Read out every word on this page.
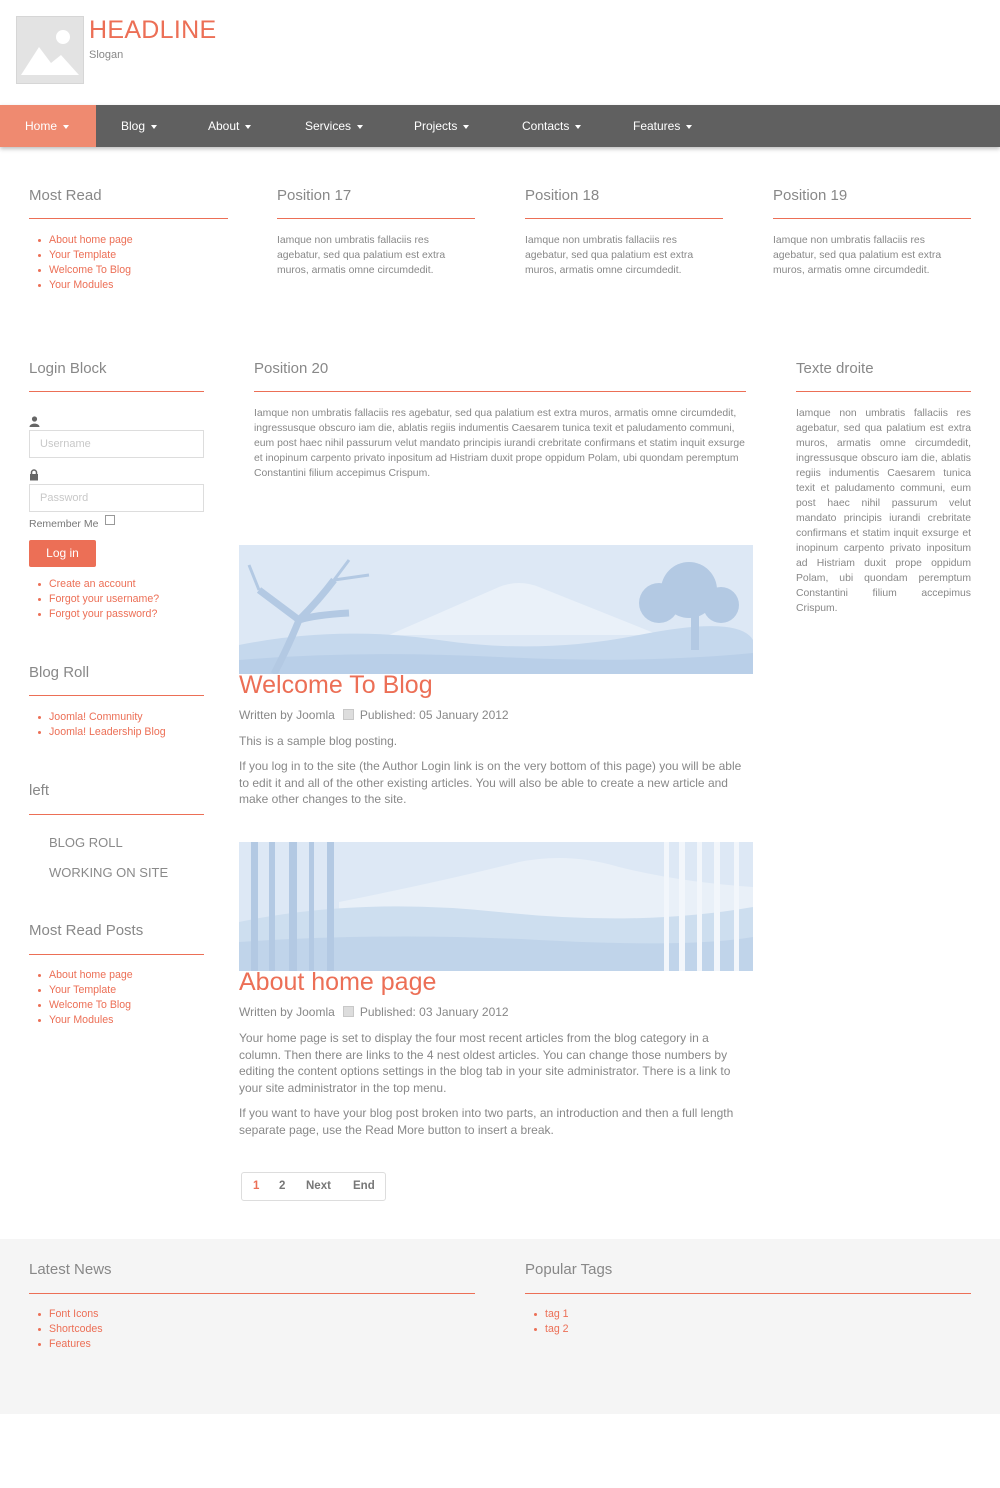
HEADLINE
Slogan
Home	Blog	About	Services	Projects	Contacts	Features
Most Read
About home page
Your Template
Welcome To Blog
Your Modules
Position 17
Iamque non umbratis fallaciis res agebatur, sed qua palatium est extra muros, armatis omne circumdedit.
Position 18
Iamque non umbratis fallaciis res agebatur, sed qua palatium est extra muros, armatis omne circumdedit.
Position 19
Iamque non umbratis fallaciis res agebatur, sed qua palatium est extra muros, armatis omne circumdedit.
Login Block
Username
Remember Me
Log in
Create an account
Forgot your username?
Forgot your password?
Blog Roll
Joomla! Community
Joomla! Leadership Blog
left
BLOG ROLL
WORKING ON SITE
Most Read Posts
About home page
Your Template
Welcome To Blog
Your Modules
Position 20
Iamque non umbratis fallaciis res agebatur, sed qua palatium est extra muros, armatis omne circumdedit, ingressusque obscuro iam die, ablatis regiis indumentis Caesarem tunica texit et paludamento communi, eum post haec nihil passurum velut mandato principis iurandi crebritate confirmans et statim inquit exsurge et inopinum carpento privato inpositum ad Histriam duxit prope oppidum Polam, ubi quondam peremptum Constantini filium accepimus Crispum.
Texte droite
Iamque non umbratis fallaciis res agebatur, sed qua palatium est extra muros, armatis omne circumdedit, ingressusque obscuro iam die, ablatis regiis indumentis Caesarem tunica texit et paludamento communi, eum post haec nihil passurum velut mandato principis iurandi crebritate confirmans et statim inquit exsurge et inopinum carpento privato inpositum ad Histriam duxit prope oppidum Polam, ubi quondam peremptum Constantini filium accepimus Crispum.
Welcome To Blog
Written by Joomla Published: 05 January 2012
This is a sample blog posting.
If you log in to the site (the Author Login link is on the very bottom of this page) you will be able to edit it and all of the other existing articles. You will also be able to create a new article and make other changes to the site.
About home page
Written by Joomla Published: 03 January 2012
Your home page is set to display the four most recent articles from the blog category in a column. Then there are links to the 4 nest oldest articles. You can change those numbers by editing the content options settings in the blog tab in your site administrator. There is a link to your site administrator in the top menu.
If you want to have your blog post broken into two parts, an introduction and then a full length separate page, use the Read More button to insert a break.
1 2 Next End
Latest News
Font Icons
Shortcodes
Features
Popular Tags
tag 1
tag 2
